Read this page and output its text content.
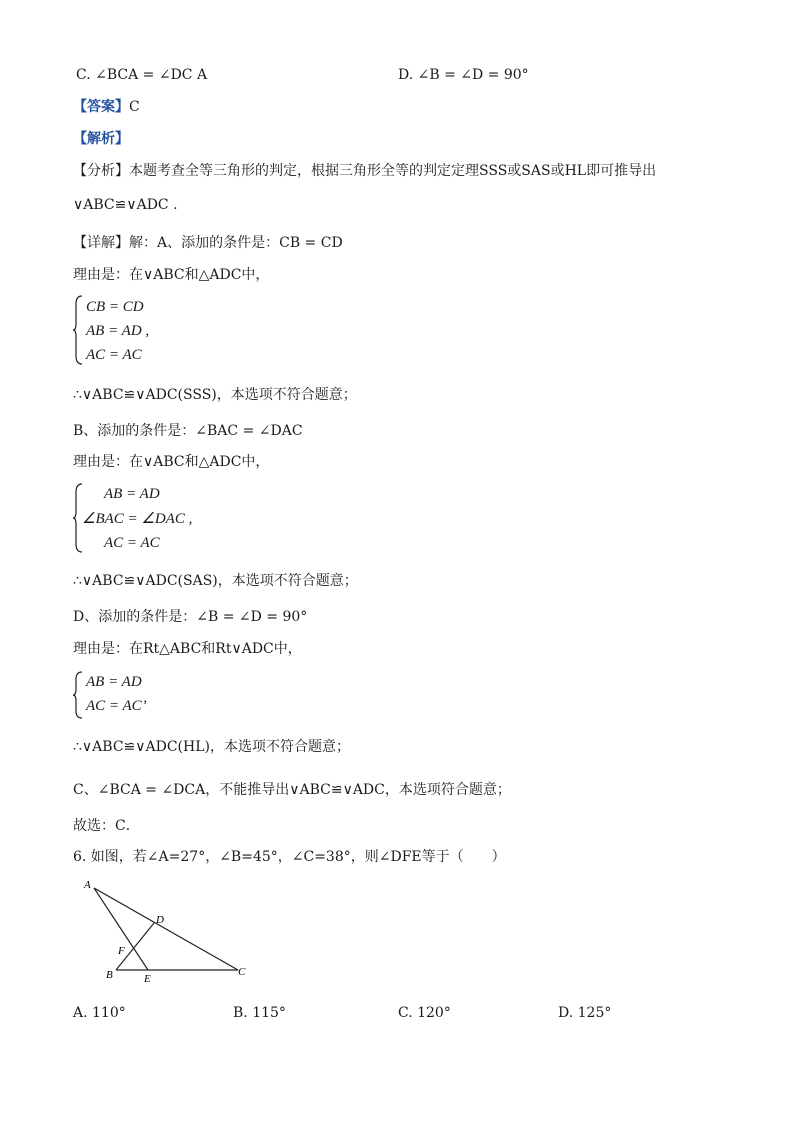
C. ∠BCA = ∠DC A	D. ∠B = ∠D = 90°
【答案】C
【解析】
【分析】本题考查全等三角形的判定，根据三角形全等的判定定理SSS或SAS或HL即可推导出
∨ABC≌∨ADC .
【详解】解：A、添加的条件是：CB = CD
理由是：在∨ABC和△ADC中，
CB = CD
AB = AD ,
AC = AC
∴∨ABC≌∨ADC(SSS)，本选项不符合题意；
B、添加的条件是：∠BAC = ∠DAC
理由是：在∨ABC和△ADC中，
AB = AD
∠BAC = ∠DAC ,
AC = AC
∴∨ABC≌∨ADC(SAS)，本选项不符合题意；
D、添加的条件是：∠B = ∠D = 90°
理由是：在Rt△ABC和Rt∨ADC中，
AB = AD
AC = AC’
∴∨ABC≌∨ADC(HL)，本选项不符合题意；
C、∠BCA = ∠DCA，不能推导出∨ABC≌∨ADC，本选项符合题意；
故选：C．
6. 如图，若∠A=27°，∠B=45°，∠C=38°，则∠DFE等于（　　）
A
B	C
D
E
F
A. 110°	B. 115°	C. 120°	D. 125°
